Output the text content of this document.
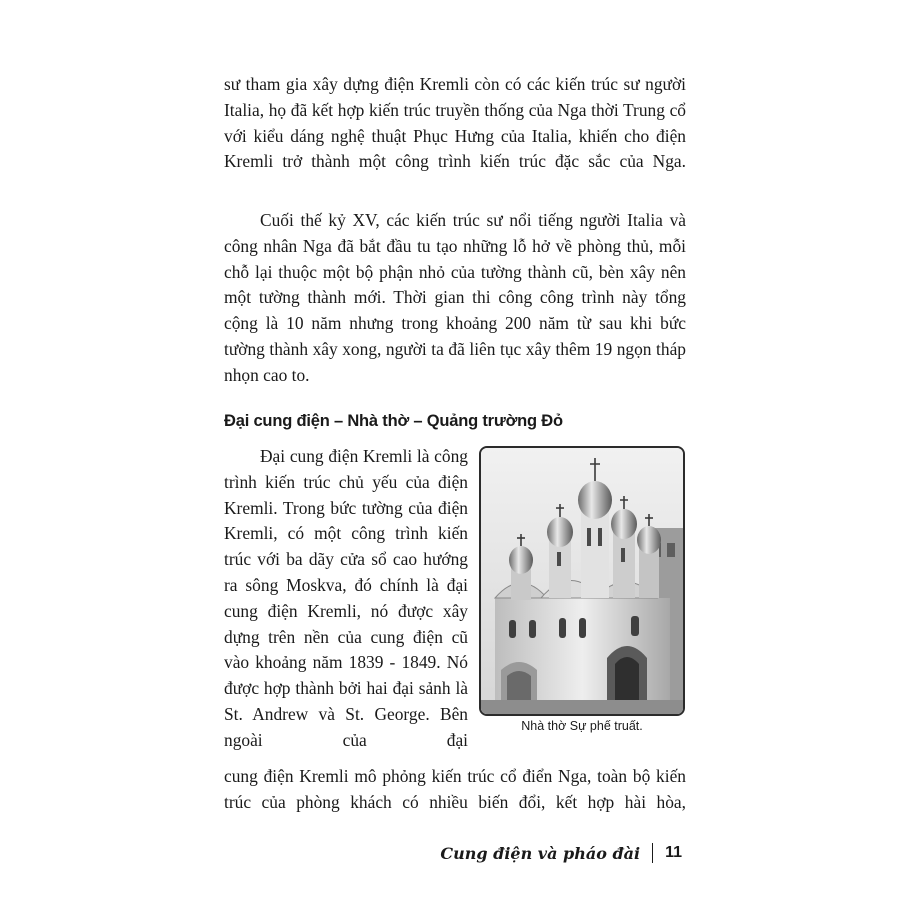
sư tham gia xây dựng điện Kremli còn có các kiến trúc sư người Italia, họ đã kết hợp kiến trúc truyền thống của Nga thời Trung cổ với kiểu dáng nghệ thuật Phục Hưng của Italia, khiến cho điện Kremli trở thành một công trình kiến trúc đặc sắc của Nga.

Cuối thế kỷ XV, các kiến trúc sư nổi tiếng người Italia và công nhân Nga đã bắt đầu tu tạo những lỗ hở về phòng thủ, mỗi chỗ lại thuộc một bộ phận nhỏ của tường thành cũ, bèn xây nên một tường thành mới. Thời gian thi công công trình này tổng cộng là 10 năm nhưng trong khoảng 200 năm từ sau khi bức tường thành xây xong, người ta đã liên tục xây thêm 19 ngọn tháp nhọn cao to.

Đại cung điện – Nhà thờ – Quảng trường Đỏ

Đại cung điện Kremli là công trình kiến trúc chủ yếu của điện Kremli. Trong bức tường của điện Kremli, có một công trình kiến trúc với ba dãy cửa sổ cao hướng ra sông Moskva, đó chính là đại cung điện Kremli, nó được xây dựng trên nền của cung điện cũ vào khoảng năm 1839 - 1849. Nó được hợp thành bởi hai đại sảnh là St. Andrew và St. George. Bên ngoài của đại

Nhà thờ Sự phế truất.

cung điện Kremli mô phỏng kiến trúc cổ điển Nga, toàn bộ kiến trúc của phòng khách có nhiều biến đổi, kết hợp hài hòa,

Cung điện và pháo đài 11
